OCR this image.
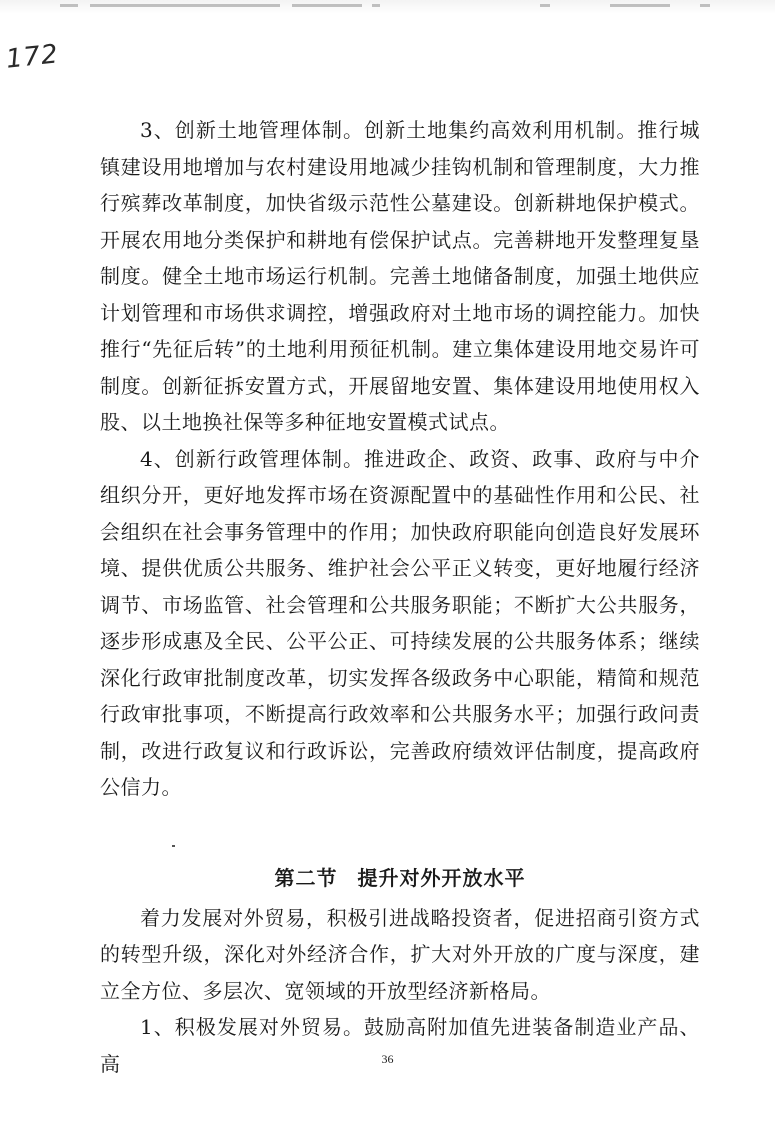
172

3、创新土地管理体制。创新土地集约高效利用机制。推行城镇建设用地增加与农村建设用地减少挂钩机制和管理制度，大力推行殡葬改革制度，加快省级示范性公墓建设。创新耕地保护模式。开展农用地分类保护和耕地有偿保护试点。完善耕地开发整理复垦制度。健全土地市场运行机制。完善土地储备制度，加强土地供应计划管理和市场供求调控，增强政府对土地市场的调控能力。加快推行“先征后转”的土地利用预征机制。建立集体建设用地交易许可制度。创新征拆安置方式，开展留地安置、集体建设用地使用权入股、以土地换社保等多种征地安置模式试点。

4、创新行政管理体制。推进政企、政资、政事、政府与中介组织分开，更好地发挥市场在资源配置中的基础性作用和公民、社会组织在社会事务管理中的作用；加快政府职能向创造良好发展环境、提供优质公共服务、维护社会公平正义转变，更好地履行经济调节、市场监管、社会管理和公共服务职能；不断扩大公共服务，逐步形成惠及全民、公平公正、可持续发展的公共服务体系；继续深化行政审批制度改革，切实发挥各级政务中心职能，精简和规范行政审批事项，不断提高行政效率和公共服务水平；加强行政问责制，改进行政复议和行政诉讼，完善政府绩效评估制度，提高政府公信力。

第二节 提升对外开放水平

着力发展对外贸易，积极引进战略投资者，促进招商引资方式的转型升级，深化对外经济合作，扩大对外开放的广度与深度，建立全方位、多层次、宽领域的开放型经济新格局。

1、积极发展对外贸易。鼓励高附加值先进装备制造业产品、高	36
